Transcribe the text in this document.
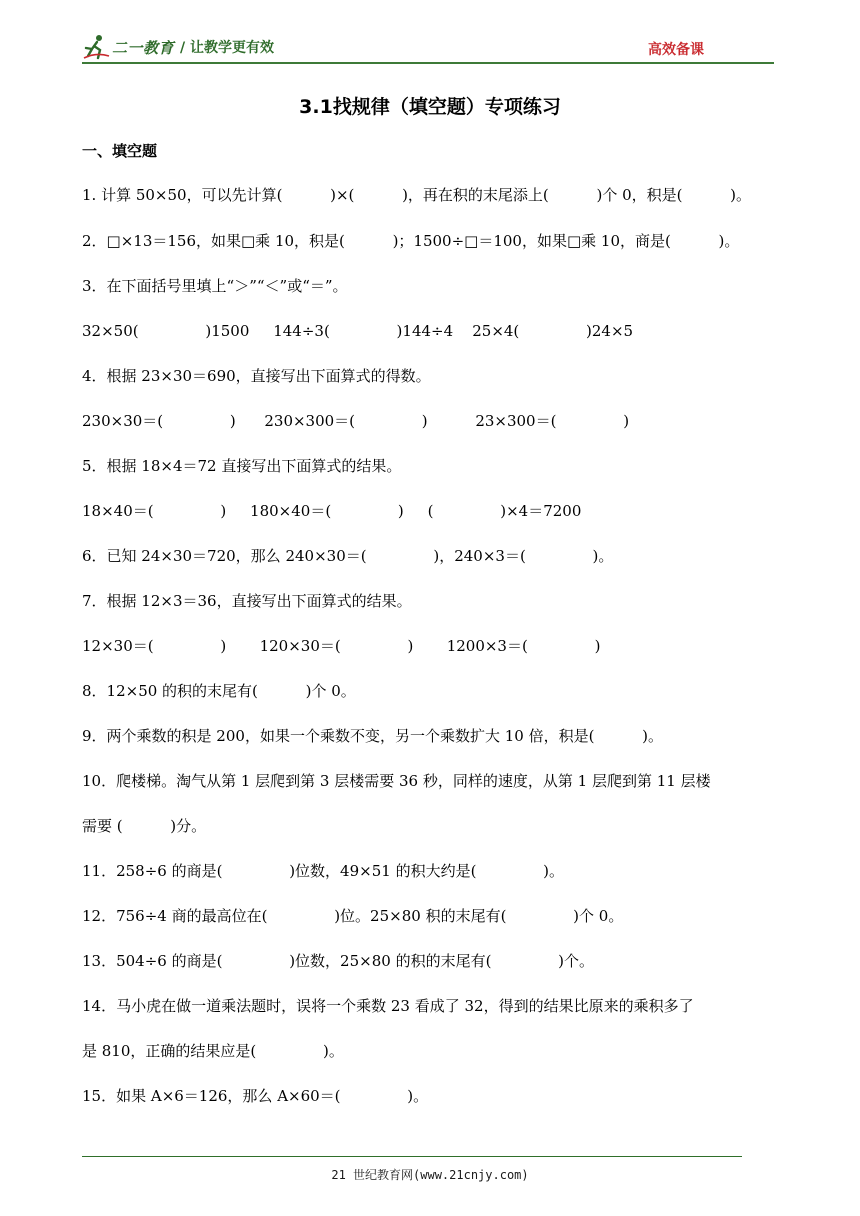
二一教育 / 让教学更有效	高效备课
3.1找规律（填空题）专项练习
一、填空题
1. 计算 50×50，可以先计算(          )×(          )，再在积的末尾添上(          )个 0，积是(          )。
2．□×13＝156，如果□乘 10，积是(          )；1500÷□＝100，如果□乘 10，商是(          )。
3．在下面括号里填上“＞”“＜”或“＝”。
32×50(              )1500     144÷3(              )144÷4    25×4(              )24×5
4．根据 23×30＝690，直接写出下面算式的得数。
230×30＝(              )      230×300＝(              )          23×300＝(              )
5．根据 18×4＝72 直接写出下面算式的结果。
18×40＝(              )     180×40＝(              )     (              )×4＝7200
6．已知 24×30＝720，那么 240×30＝(              )，240×3＝(              )。
7．根据 12×3＝36，直接写出下面算式的结果。
12×30＝(              )       120×30＝(              )       1200×3＝(              )
8．12×50 的积的末尾有(          )个 0。
9．两个乘数的积是 200，如果一个乘数不变，另一个乘数扩大 10 倍，积是(          )。
10．爬楼梯。淘气从第 1 层爬到第 3 层楼需要 36 秒，同样的速度，从第 1 层爬到第 11 层楼
需要 (          )分。
11．258÷6 的商是(              )位数，49×51 的积大约是(              )。
12．756÷4 商的最高位在(              )位。25×80 积的末尾有(              )个 0。
13．504÷6 的商是(              )位数，25×80 的积的末尾有(              )个。
14．马小虎在做一道乘法题时，误将一个乘数 23 看成了 32，得到的结果比原来的乘积多了
是 810，正确的结果应是(              )。
15．如果 A×6＝126，那么 A×60＝(              )。
21 世纪教育网(www.21cnjy.com)
